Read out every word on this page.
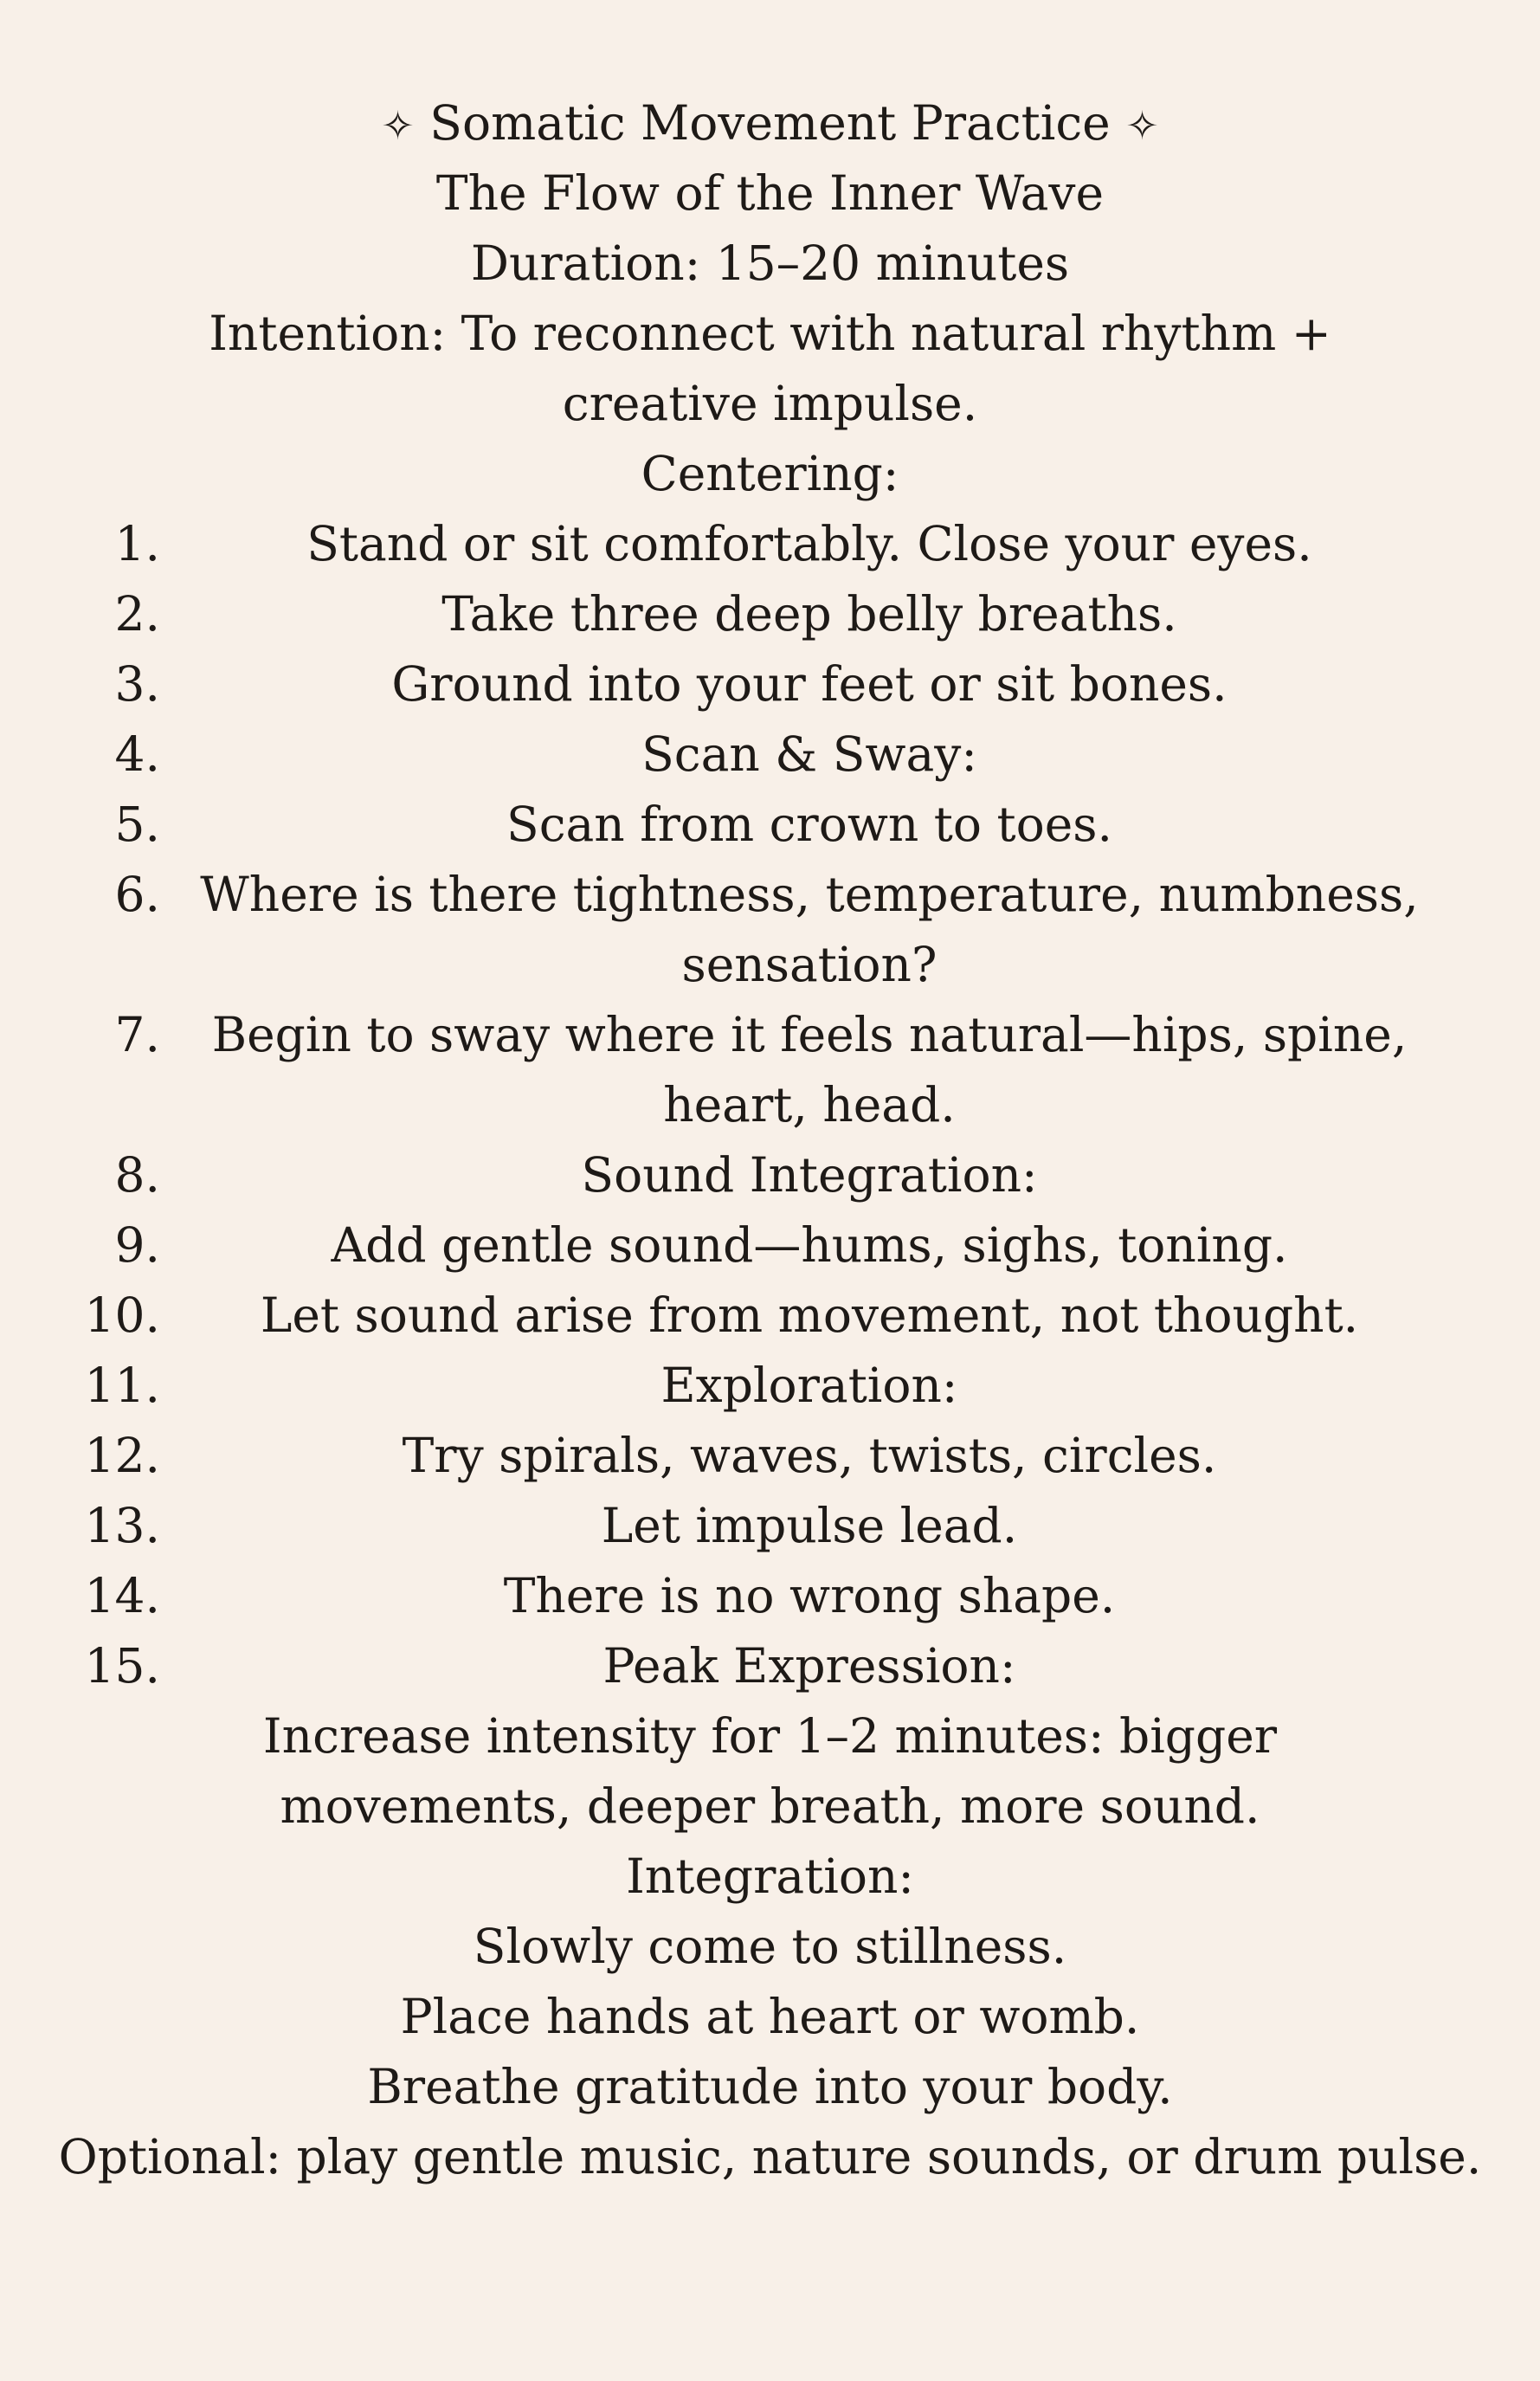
✧ Somatic Movement Practice ✧
The Flow of the Inner Wave
Duration: 15–20 minutes
Intention: To reconnect with natural rhythm + creative impulse.
Centering:
1.	Stand or sit comfortably. Close your eyes.
2.	Take three deep belly breaths.
3.	Ground into your feet or sit bones.
4.	Scan & Sway:
5.	Scan from crown to toes.
6. Where is there tightness, temperature, numbness, sensation?
7.	Begin to sway where it feels natural—hips, spine, heart, head.
8.	Sound Integration:
9.	Add gentle sound—hums, sighs, toning.
10.	Let sound arise from movement, not thought.
11.	Exploration:
12.	Try spirals, waves, twists, circles.
13.	Let impulse lead.
14.	There is no wrong shape.
15.	Peak Expression:
Increase intensity for 1–2 minutes: bigger movements, deeper breath, more sound.
Integration:
Slowly come to stillness.
Place hands at heart or womb.
Breathe gratitude into your body.
Optional: play gentle music, nature sounds, or drum pulse.
